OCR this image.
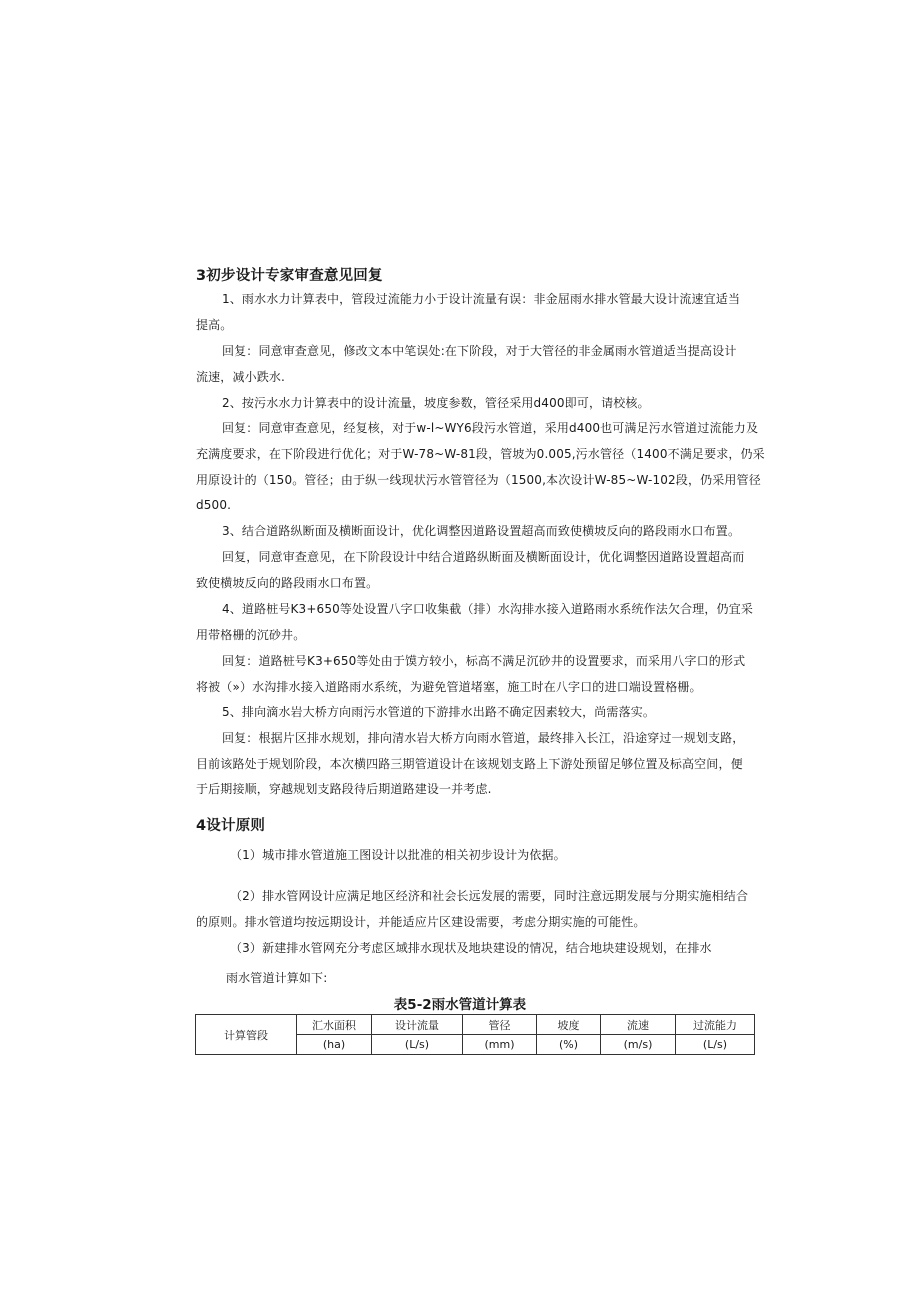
3初步设计专家审查意见回复
1、雨水水力计算表中，管段过流能力小于设计流量有误：非金屈雨水排水管最大设计流速宜适当
提高。
回复：同意审查意见，修改文本中笔误处:在下阶段，对于大管径的非金属雨水管道适当提高设计
流速，减小跌水.
2、按污水水力计算表中的设计流量，坡度参数，管径采用d400即可，请校核。
回复：同意审查意见，经复核，对于w-l~WY6段污水管道，采用d400也可满足污水管道过流能力及
充满度要求，在下阶段进行优化；对于W-78~W-81段，管坡为0.005,污水管径（1400不满足要求，仍采
用原设计的（150。管径；由于纵一线现状污水管管径为（1500,本次设计W-85~W-102段，仍采用管径
d500.
3、结合道路纵断面及横断面设计，优化调整因道路设置超高而致使横坡反向的路段雨水口布置。
回复，同意审查意见，在下阶段设计中结合道路纵断面及横断面设计，优化调整因道路设置超高而
致使横坡反向的路段雨水口布置。
4、道路桩号K3+650等处设置八字口收集截（排）水沟排水接入道路雨水系统作法欠合理，仍宜采
用带格栅的沉砂井。
回复：道路桩号K3+650等处由于馍方较小，标高不满足沉砂井的设置要求，而采用八字口的形式
将被（»）水沟排水接入道路雨水系统，为避免管道堵塞，施工时在八字口的进口端设置格栅。
5、排向滴水岩大桥方向雨污水管道的下游排水出路不确定因素较大，尚需落实。
回复：根据片区排水规划，排向清水岩大桥方向雨水管道，最终排入长江，沿途穿过一规划支路，
目前该路处于规划阶段，本次横四路三期管道设计在该规划支路上下游处预留足够位置及标高空间，便
于后期接顺，穿越规划支路段待后期道路建设一并考虑.
4设计原则
（1）城市排水管道施工图设计以批准的相关初步设计为依据。
（2）排水管网设计应满足地区经济和社会长远发展的需要，同时注意远期发展与分期实施相结合
的原则。排水管道均按远期设计，并能适应片区建设需要，考虑分期实施的可能性。
（3）新建排水管网充分考虑区域排水现状及地块建设的情况，结合地块建设规划，在排水
雨水管道计算如下:
表5-2雨水管道计算表
计算管段	汇水面积	设计流量	管径	坡度	流速	过流能力
	(ha)	(L/s)	(mm)	(%)	(m/s)	(L/s)
